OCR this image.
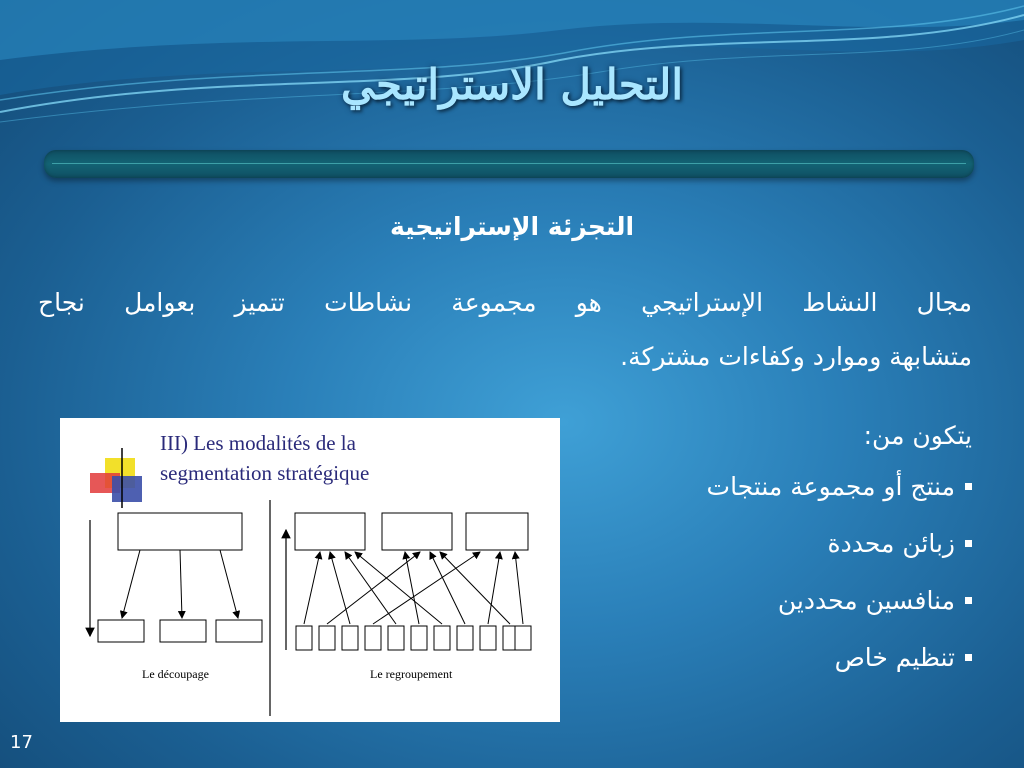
التحليل الاستراتيجي
التجزئة الإستراتيجية
مجال النشاط الإستراتيجي هو مجموعة نشاطات تتميز بعوامل نجاح
متشابهة وموارد وكفاءات مشتركة.
III) Les modalités de la
segmentation stratégique
Le découpage	Le regroupement
يتكون من:
منتج أو مجموعة منتجات
زبائن محددة
منافسين محددين
تنظيم خاص
17
